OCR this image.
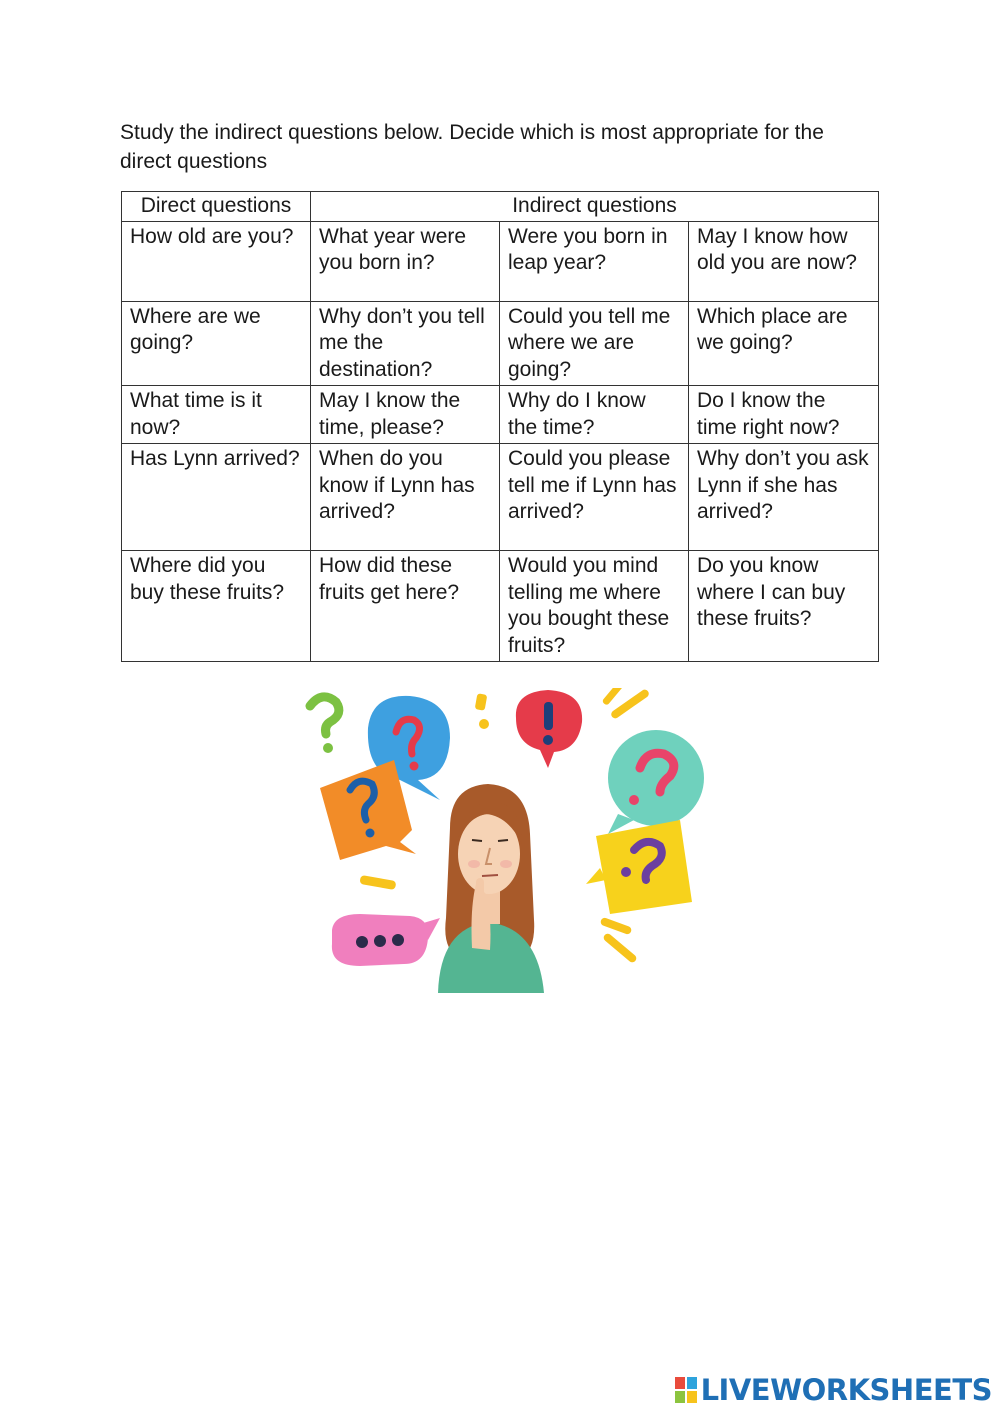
Study the indirect questions below. Decide which is most appropriate for the direct questions
Direct questions	Indirect questions		
How old are you?	What year were you born in?	Were you born in leap year?	May I know how old you are now?
Where are we going?	Why don’t you tell me the destination?	Could you tell me where we are going?	Which place are we going?
What time is it now?	May I know the time, please?	Why do I know the time?	Do I know the time right now?
Has Lynn arrived?	When do you know if Lynn has arrived?	Could you please tell me if Lynn has arrived?	Why don’t you ask Lynn if she has arrived?
Where did you buy these fruits?	How did these fruits get here?	Would you mind telling me where you bought these fruits?	Do you know where I can buy these fruits?
LIVEWORKSHEETS
